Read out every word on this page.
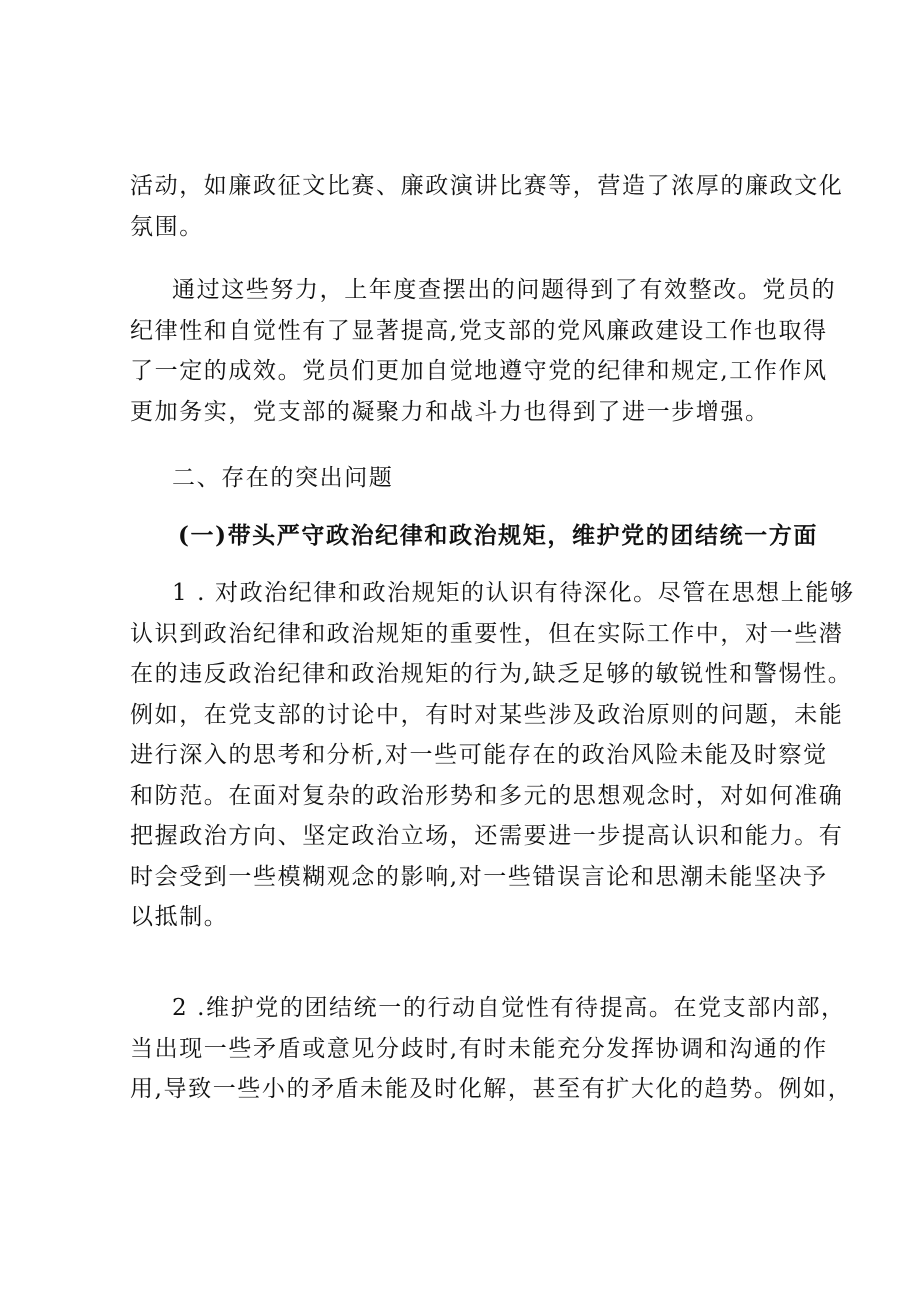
活动，如廉政征文比赛、廉政演讲比赛等，营造了浓厚的廉政文化
氛围。

通过这些努力，上年度查摆出的问题得到了有效整改。党员的
纪律性和自觉性有了显著提高,党支部的党风廉政建设工作也取得
了一定的成效。党员们更加自觉地遵守党的纪律和规定,工作作风
更加务实，党支部的凝聚力和战斗力也得到了进一步增强。

二、存在的突出问题
(一)带头严守政治纪律和政治规矩，维护党的团结统一方面

1 . 对政治纪律和政治规矩的认识有待深化。尽管在思想上能够
认识到政治纪律和政治规矩的重要性，但在实际工作中，对一些潜
在的违反政治纪律和政治规矩的行为,缺乏足够的敏锐性和警惕性。
例如，在党支部的讨论中，有时对某些涉及政治原则的问题，未能
进行深入的思考和分析,对一些可能存在的政治风险未能及时察觉
和防范。在面对复杂的政治形势和多元的思想观念时，对如何准确
把握政治方向、坚定政治立场，还需要进一步提高认识和能力。有
时会受到一些模糊观念的影响,对一些错误言论和思潮未能坚决予
以抵制。

2 .维护党的团结统一的行动自觉性有待提高。在党支部内部，
当出现一些矛盾或意见分歧时,有时未能充分发挥协调和沟通的作
用,导致一些小的矛盾未能及时化解，甚至有扩大化的趋势。例如，
